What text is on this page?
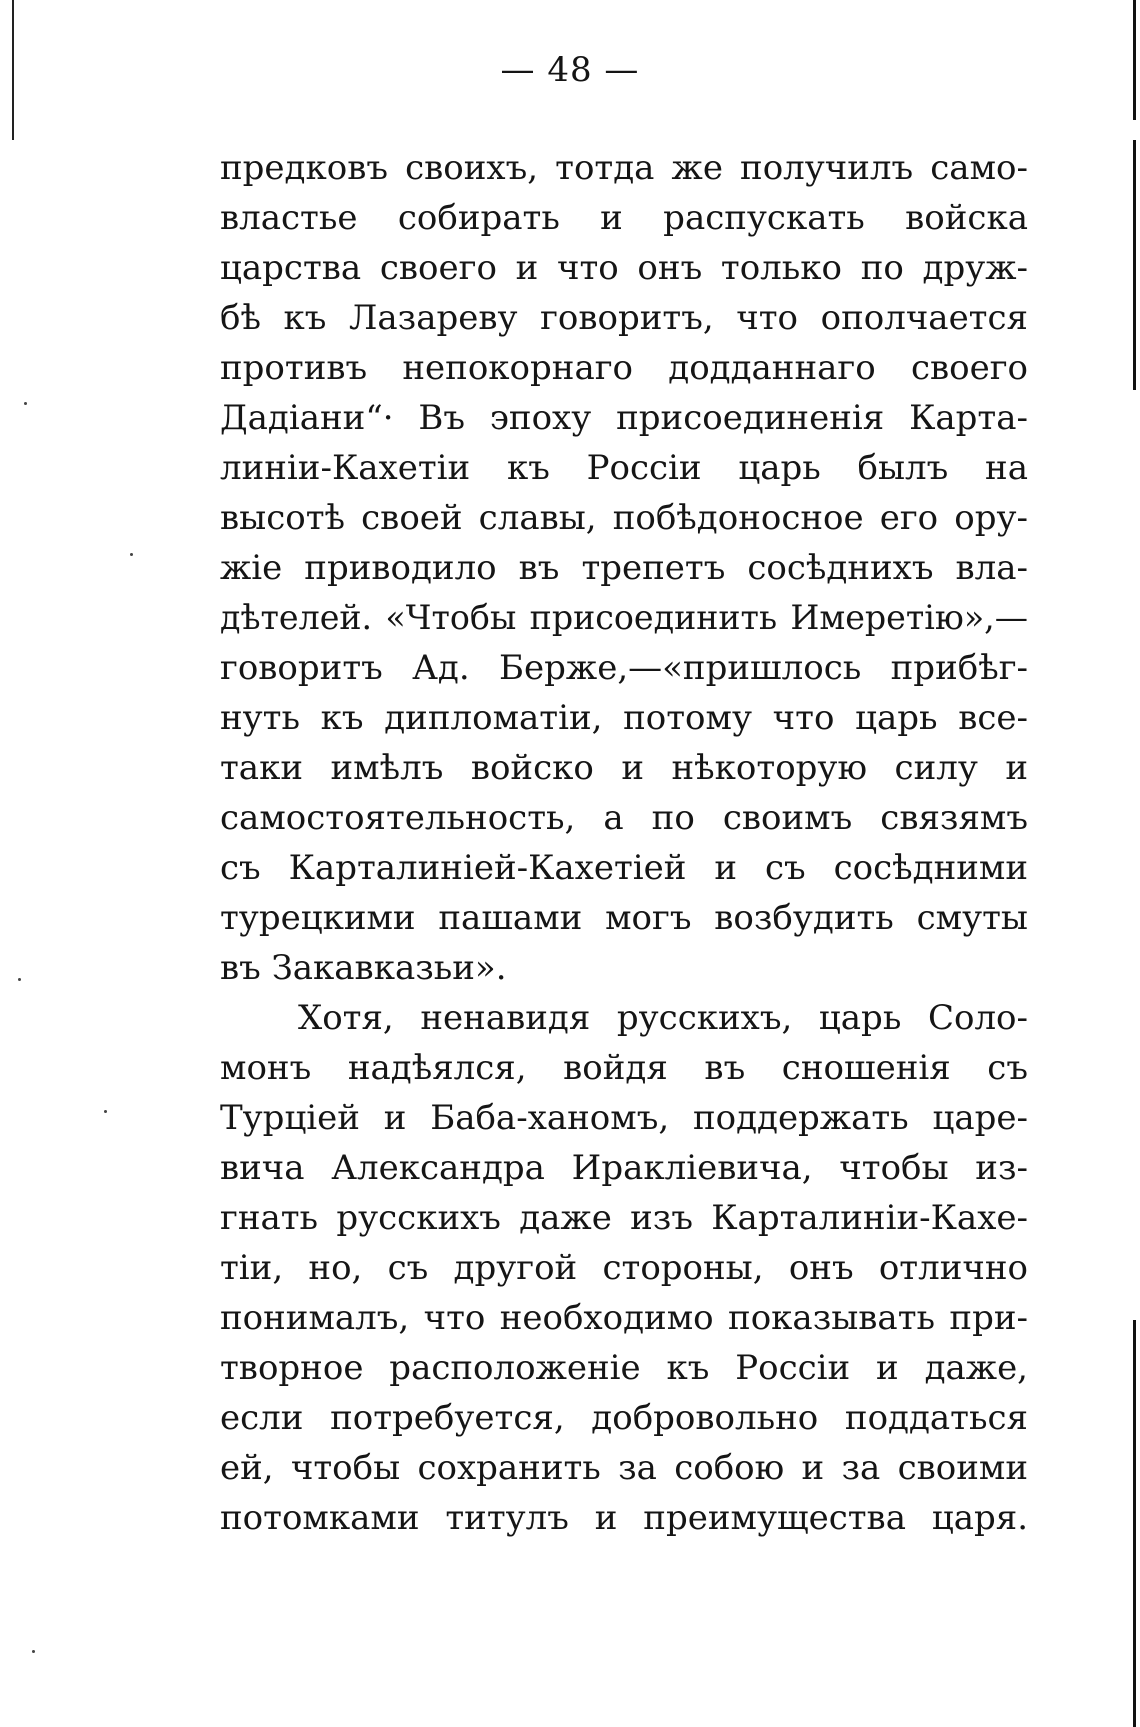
— 48 —
предковъ своихъ, тотда же получилъ само-
властье собирать и распускать войска
царства своего и что онъ только по друж-
бѣ къ Лазареву говоритъ, что ополчается
противъ непокорнаго додданнаго своего
Дадiани“· Въ эпоху присоединенiя Карта-
линiи-Кахетiи къ Россiи царь былъ на
высотѣ своей славы, побѣдоносное его ору-
жiе приводило въ трепетъ сосѣднихъ вла-
дѣтелей. «Чтобы присоединить Имеретiю»,—
говоритъ Ад. Берже,—«пришлось прибѣг-
нуть къ дипломатiи, потому что царь все-
таки имѣлъ войско и нѣкоторую силу и
самостоятельность, а по своимъ связямъ
съ Карталинiей-Кахетiей и съ сосѣдними
турецкими пашами могъ возбудить смуты
въ Закавказьи».
Хотя, ненавидя русскихъ, царь Соло-
монъ надѣялся, войдя въ сношенiя съ
Турцiей и Баба-ханомъ, поддержать царе-
вича Александра Ираклiевича, чтобы из-
гнать русскихъ даже изъ Карталинiи-Кахе-
тiи, но, съ другой стороны, онъ отлично
понималъ, что необходимо показывать при-
творное расположенiе къ Россiи и даже,
если потребуется, добровольно поддаться
ей, чтобы сохранить за собою и за своими
потомками титулъ и преимущества царя.
